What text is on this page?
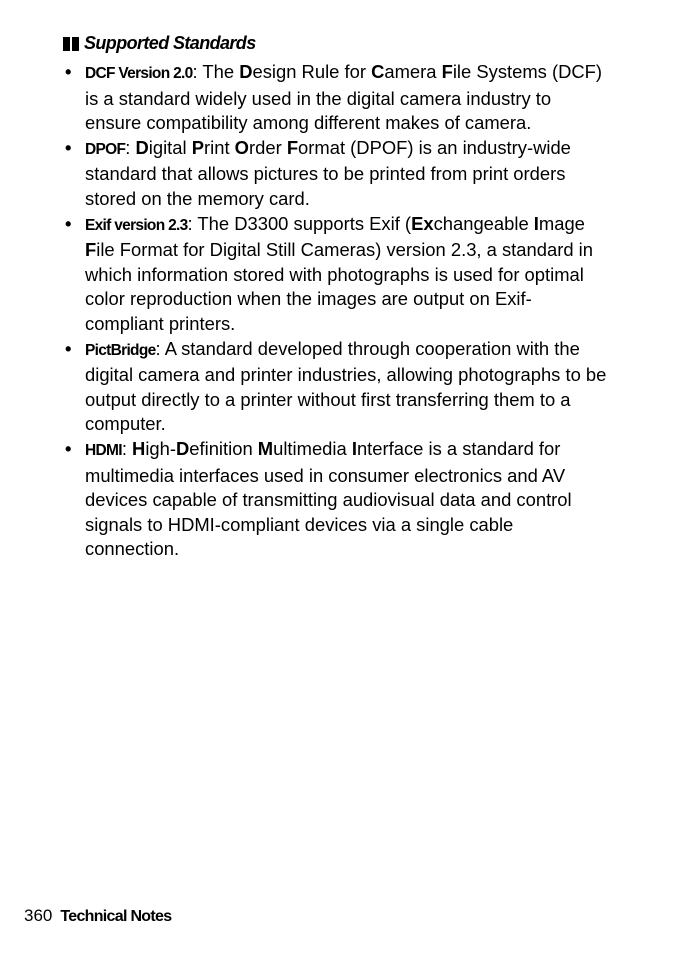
Supported Standards
• DCF Version 2.0: The Design Rule for Camera File Systems (DCF) is a standard widely used in the digital camera industry to ensure compatibility among different makes of camera.
• DPOF: Digital Print Order Format (DPOF) is an industry-wide standard that allows pictures to be printed from print orders stored on the memory card.
• Exif version 2.3: The D3300 supports Exif (Exchangeable Image File Format for Digital Still Cameras) version 2.3, a standard in which information stored with photographs is used for optimal color reproduction when the images are output on Exif-compliant printers.
• PictBridge: A standard developed through cooperation with the digital camera and printer industries, allowing photographs to be output directly to a printer without first transferring them to a computer.
• HDMI: High-Definition Multimedia Interface is a standard for multimedia interfaces used in consumer electronics and AV devices capable of transmitting audiovisual data and control signals to HDMI-compliant devices via a single cable connection.
360 Technical Notes
